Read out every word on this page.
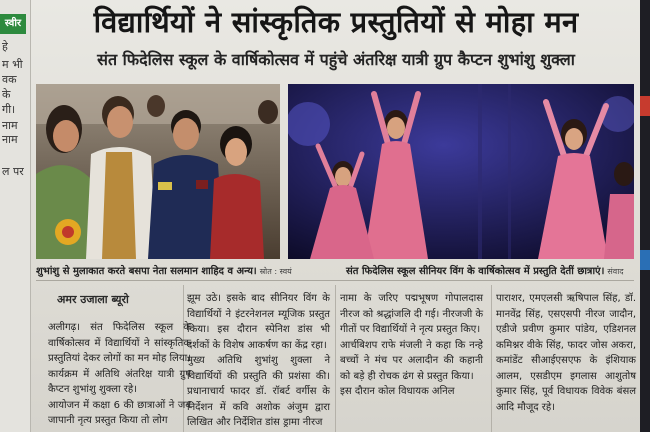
स्वीर
हे
म भी
वक
के
गी।
नाम
नाम
ल पर
विद्यार्थियों ने सांस्कृतिक प्रस्तुतियों से मोहा मन
संत फिदेलिस स्कूल के वार्षिकोत्सव में पहुंचे अंतरिक्ष यात्री ग्रुप कैप्टन शुभांशु शुक्ला
शुभांशु से मुलाकात करते बसपा नेता सलमान शाहिद व अन्य। स्रोत : स्वयं	संत फिदेलिस स्कूल सीनियर विंग के वार्षिकोत्सव में प्रस्तुति देतीं छात्राएं। संवाद
अमर उजाला ब्यूरो

अलीगढ़। संत फिदेलिस स्कूल के वार्षिकोत्सव में विद्यार्थियों ने सांस्कृतिक प्रस्तुतियां देकर लोगों का मन मोह लिया। कार्यक्रम में अतिथि अंतरिक्ष यात्री ग्रुप कैप्टन शुभांशु शुक्ला रहे।

आयोजन में कक्षा 6 की छात्राओं ने जब जापानी नृत्य प्रस्तुत किया तो लोग

झूम उठे। इसके बाद सीनियर विंग के विद्यार्थियों ने इंटरनेशनल म्यूजिक प्रस्तुत किया। इस दौरान स्पेनिश डांस भी दर्शकों के विशेष आकर्षण का केंद्र रहा।

मुख्य अतिथि शुभांशु शुक्ला ने विद्यार्थियों की प्रस्तुति की प्रशंसा की। प्रधानाचार्य फादर डॉ. रॉबर्ट वर्गीस के निर्देशन में कवि अशोक अंजुम द्वारा लिखित और निर्देशित डांस ड्रामा नीरज

नामा के जरिए पद्मभूषण गोपालदास नीरज को श्रद्धांजलि दी गई। नीरजजी के गीतों पर विद्यार्थियों ने नृत्य प्रस्तुत किए।

आर्चबिशप राफे मंजली ने कहा कि नन्हे बच्चों ने मंच पर अलादीन की कहानी को बड़े ही रोचक ढंग से प्रस्तुत किया।

इस दौरान कोल विधायक अनिल

पाराशर, एमएलसी ऋषिपाल सिंह, डॉ. मानवेंद्र सिंह, एसएसपी नीरज जादौन, एडीजे प्रवीण कुमार पांडेय, एडिशनल कमिश्नर वीके सिंह, फादर जोस अकरा, कमांडेंट सीआईएसएफ के इंशियाक आलम, एसडीएम इगलास आशुतोष कुमार सिंह, पूर्व विधायक विवेक बंसल आदि मौजूद रहे।
